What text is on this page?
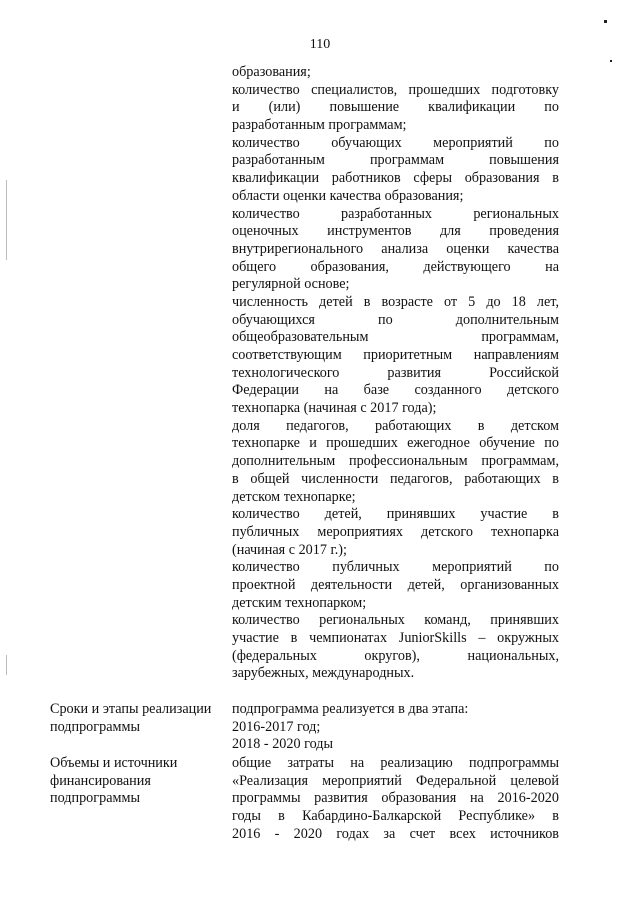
110
образования;
количество специалистов, прошедших подготовку
и (или) повышение квалификации по
разработанным программам;
количество обучающих мероприятий по
разработанным программам повышения
квалификации работников сферы образования в
области оценки качества образования;
количество разработанных региональных
оценочных инструментов для проведения
внутрирегионального анализа оценки качества
общего образования, действующего на
регулярной основе;
численность детей в возрасте от 5 до 18 лет,
обучающихся по дополнительным
общеобразовательным программам,
соответствующим приоритетным направлениям
технологического развития Российской
Федерации на базе созданного детского
технопарка (начиная с 2017 года);
доля педагогов, работающих в детском
технопарке и прошедших ежегодное обучение по
дополнительным профессиональным программам,
в общей численности педагогов, работающих в
детском технопарке;
количество детей, принявших участие в
публичных мероприятиях детского технопарка
(начиная с 2017 г.);
количество публичных мероприятий по
проектной деятельности детей, организованных
детским технопарком;
количество региональных команд, принявших
участие в чемпионатах JuniorSkills – окружных
(федеральных округов), национальных,
зарубежных, международных.
Сроки и этапы реализации
подпрограммы
подпрограмма реализуется в два этапа:
2016-2017 год;
2018 - 2020 годы
Объемы и источники
финансирования
подпрограммы
общие затраты на реализацию подпрограммы
«Реализация мероприятий Федеральной целевой
программы развития образования на 2016-2020
годы в Кабардино-Балкарской Республике» в
2016 - 2020 годах за счет всех источников
